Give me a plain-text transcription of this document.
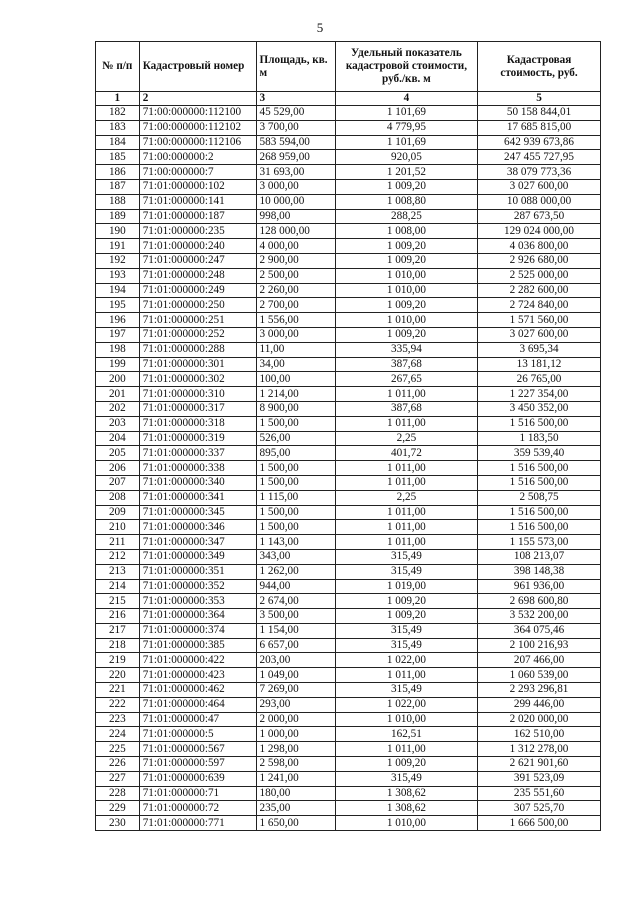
5
№ п/п	Кадастровый номер	Площадь, кв. м	Удельный показатель кадастровой стоимости, руб./кв. м	Кадастровая стоимость, руб.
1	2	3	4	5
182	71:00:000000:112100	45 529,00	1 101,69	50 158 844,01
183	71:00:000000:112102	3 700,00	4 779,95	17 685 815,00
184	71:00:000000:112106	583 594,00	1 101,69	642 939 673,86
185	71:00:000000:2	268 959,00	920,05	247 455 727,95
186	71:00:000000:7	31 693,00	1 201,52	38 079 773,36
187	71:01:000000:102	3 000,00	1 009,20	3 027 600,00
188	71:01:000000:141	10 000,00	1 008,80	10 088 000,00
189	71:01:000000:187	998,00	288,25	287 673,50
190	71:01:000000:235	128 000,00	1 008,00	129 024 000,00
191	71:01:000000:240	4 000,00	1 009,20	4 036 800,00
192	71:01:000000:247	2 900,00	1 009,20	2 926 680,00
193	71:01:000000:248	2 500,00	1 010,00	2 525 000,00
194	71:01:000000:249	2 260,00	1 010,00	2 282 600,00
195	71:01:000000:250	2 700,00	1 009,20	2 724 840,00
196	71:01:000000:251	1 556,00	1 010,00	1 571 560,00
197	71:01:000000:252	3 000,00	1 009,20	3 027 600,00
198	71:01:000000:288	11,00	335,94	3 695,34
199	71:01:000000:301	34,00	387,68	13 181,12
200	71:01:000000:302	100,00	267,65	26 765,00
201	71:01:000000:310	1 214,00	1 011,00	1 227 354,00
202	71:01:000000:317	8 900,00	387,68	3 450 352,00
203	71:01:000000:318	1 500,00	1 011,00	1 516 500,00
204	71:01:000000:319	526,00	2,25	1 183,50
205	71:01:000000:337	895,00	401,72	359 539,40
206	71:01:000000:338	1 500,00	1 011,00	1 516 500,00
207	71:01:000000:340	1 500,00	1 011,00	1 516 500,00
208	71:01:000000:341	1 115,00	2,25	2 508,75
209	71:01:000000:345	1 500,00	1 011,00	1 516 500,00
210	71:01:000000:346	1 500,00	1 011,00	1 516 500,00
211	71:01:000000:347	1 143,00	1 011,00	1 155 573,00
212	71:01:000000:349	343,00	315,49	108 213,07
213	71:01:000000:351	1 262,00	315,49	398 148,38
214	71:01:000000:352	944,00	1 019,00	961 936,00
215	71:01:000000:353	2 674,00	1 009,20	2 698 600,80
216	71:01:000000:364	3 500,00	1 009,20	3 532 200,00
217	71:01:000000:374	1 154,00	315,49	364 075,46
218	71:01:000000:385	6 657,00	315,49	2 100 216,93
219	71:01:000000:422	203,00	1 022,00	207 466,00
220	71:01:000000:423	1 049,00	1 011,00	1 060 539,00
221	71:01:000000:462	7 269,00	315,49	2 293 296,81
222	71:01:000000:464	293,00	1 022,00	299 446,00
223	71:01:000000:47	2 000,00	1 010,00	2 020 000,00
224	71:01:000000:5	1 000,00	162,51	162 510,00
225	71:01:000000:567	1 298,00	1 011,00	1 312 278,00
226	71:01:000000:597	2 598,00	1 009,20	2 621 901,60
227	71:01:000000:639	1 241,00	315,49	391 523,09
228	71:01:000000:71	180,00	1 308,62	235 551,60
229	71:01:000000:72	235,00	1 308,62	307 525,70
230	71:01:000000:771	1 650,00	1 010,00	1 666 500,00
